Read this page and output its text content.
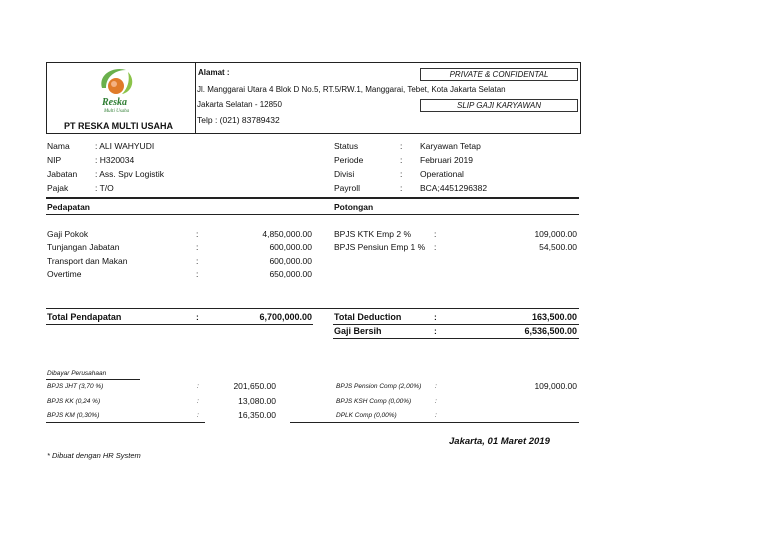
Reska
Multi Usaha
PT RESKA MULTI USAHA
Alamat :
Jl. Manggarai Utara 4 Blok D No.5, RT.5/RW.1, Manggarai, Tebet, Kota Jakarta Selatan
Jakarta Selatan - 12850
Telp : (021) 83789432
PRIVATE & CONFIDENTAL
SLIP GAJI KARYAWAN
Nama	: ALI WAHYUDI
NIP	: H320034
Jabatan : Ass. Spv Logistik
Pajak	: T/O
Status	: Karyawan Tetap
Periode	: Februari 2019
Divisi	: Operational
Payroll	: BCA;4451296382
Pedapatan	Potongan
Gaji Pokok	:	4,850,000.00
Tunjangan Jabatan	:	600,000.00
Transport dan Makan	:	600,000.00
Overtime	:	650,000.00
BPJS KTK Emp 2 %	:	109,000.00
BPJS Pensiun Emp 1 % :	54,500.00
Total Pendapatan	:	6,700,000.00 Total Deduction	:	163,500.00
Gaji Bersih	:	6,536,500.00
Dibayar Perusahaan
BPJS JHT (3,70 %)	:	201,650.00
BPJS KK (0,24 %)	:	13,080.00
BPJS KM (0,30%)	:	16,350.00
BPJS Pension Comp (2,00%) :	109,000.00
BPJS KSH Comp (0,00%)	:
DPLK Comp (0,00%)	:
Jakarta, 01 Maret 2019
* Dibuat dengan HR System
